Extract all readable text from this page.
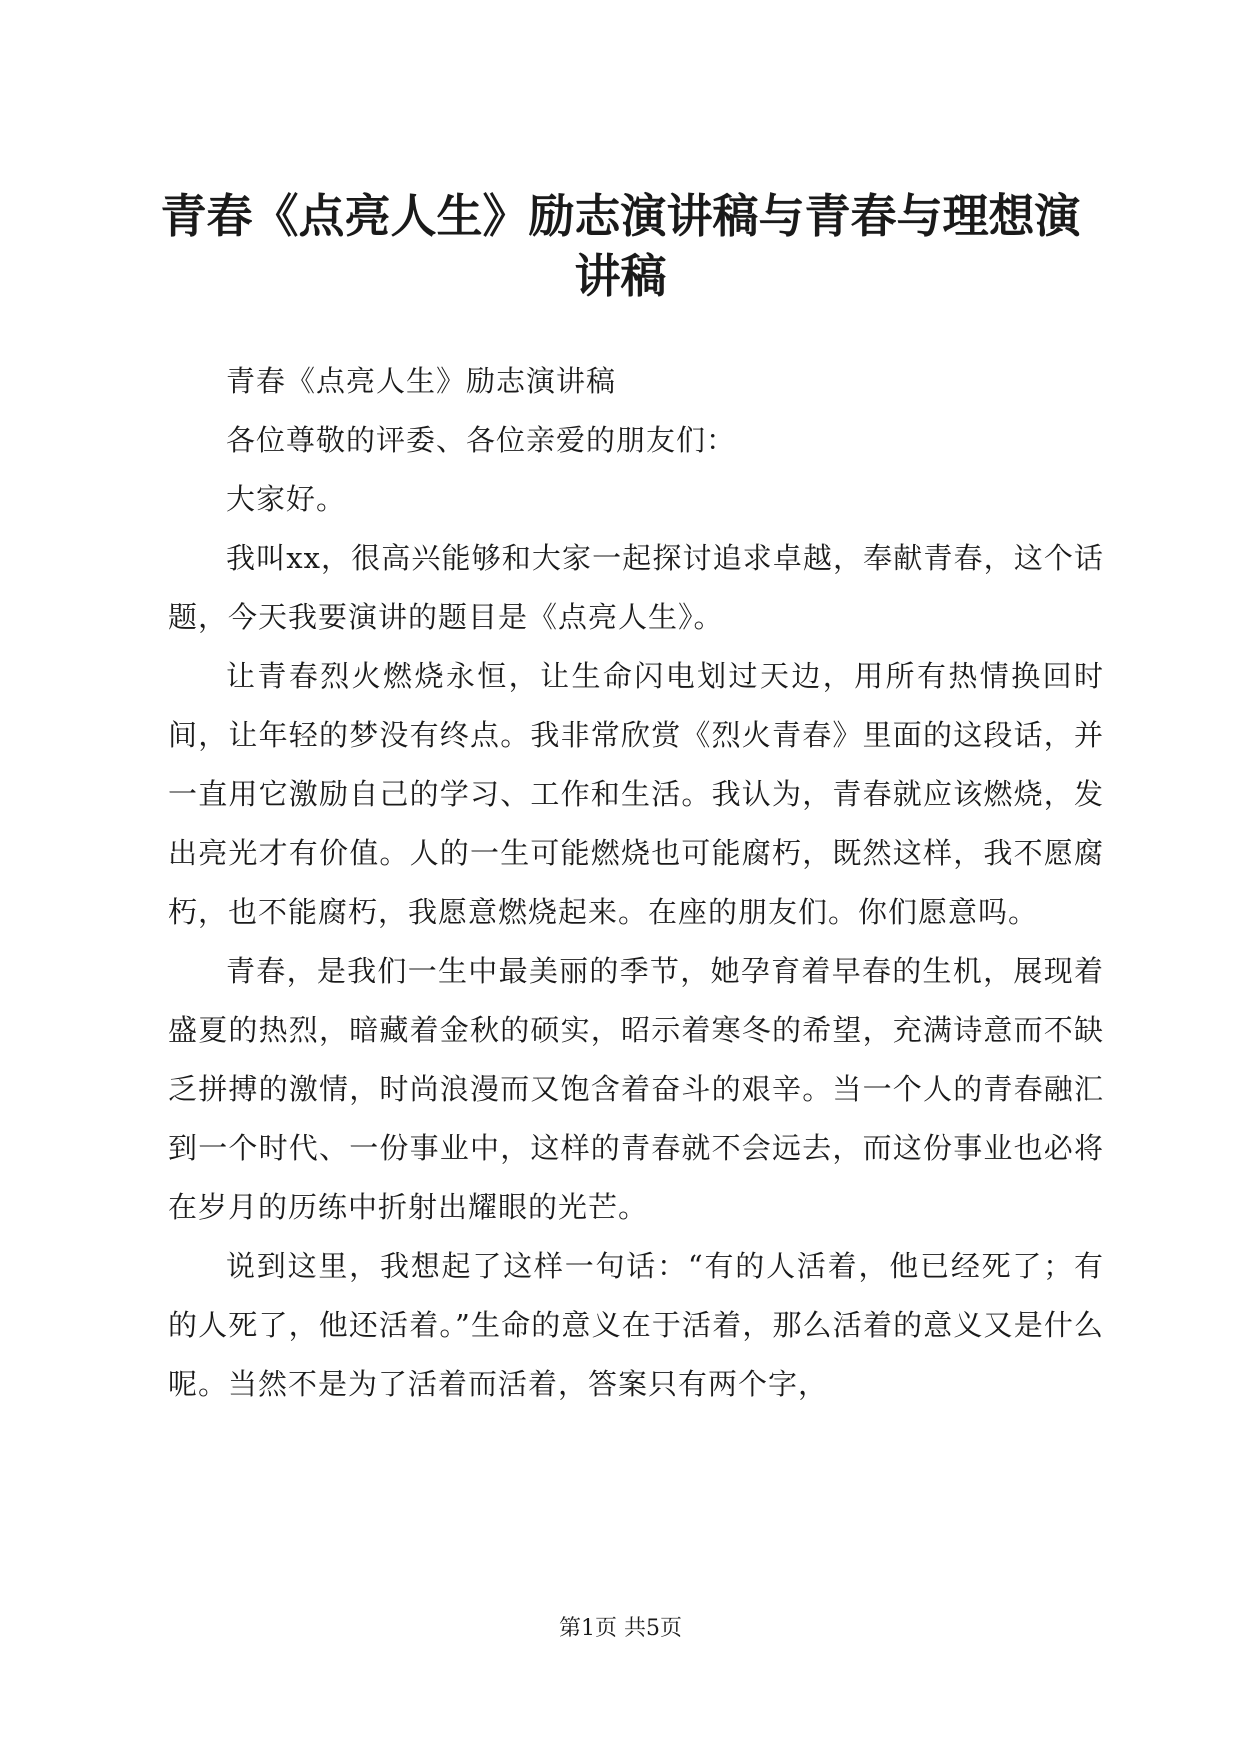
青春《点亮人生》励志演讲稿与青春与理想演讲稿

青春《点亮人生》励志演讲稿

各位尊敬的评委、各位亲爱的朋友们：

大家好。

我叫xx，很高兴能够和大家一起探讨追求卓越，奉献青春，这个话题，今天我要演讲的题目是《点亮人生》。

让青春烈火燃烧永恒，让生命闪电划过天边，用所有热情换回时间，让年轻的梦没有终点。我非常欣赏《烈火青春》里面的这段话，并一直用它激励自己的学习、工作和生活。我认为，青春就应该燃烧，发出亮光才有价值。人的一生可能燃烧也可能腐朽，既然这样，我不愿腐朽，也不能腐朽，我愿意燃烧起来。在座的朋友们。你们愿意吗。

青春，是我们一生中最美丽的季节，她孕育着早春的生机，展现着盛夏的热烈，暗藏着金秋的硕实，昭示着寒冬的希望，充满诗意而不缺乏拼搏的激情，时尚浪漫而又饱含着奋斗的艰辛。当一个人的青春融汇到一个时代、一份事业中，这样的青春就不会远去，而这份事业也必将在岁月的历练中折射出耀眼的光芒。

说到这里，我想起了这样一句话：“有的人活着，他已经死了；有的人死了，他还活着。”生命的意义在于活着，那么活着的意义又是什么呢。当然不是为了活着而活着，答案只有两个字，

第1页 共5页
